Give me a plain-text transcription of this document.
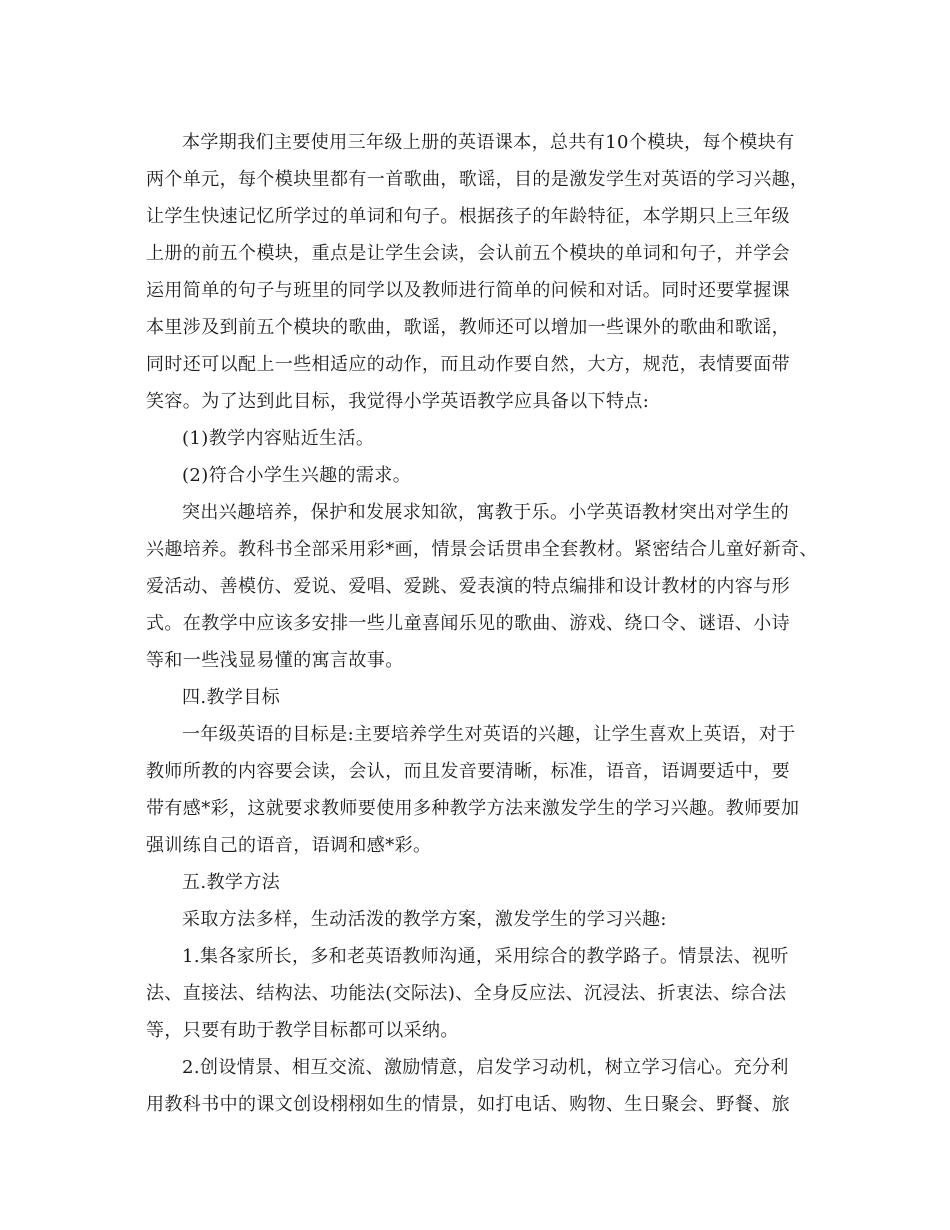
本学期我们主要使用三年级上册的英语课本，总共有10个模块，每个模块有
两个单元，每个模块里都有一首歌曲，歌谣，目的是激发学生对英语的学习兴趣，
让学生快速记忆所学过的单词和句子。根据孩子的年龄特征，本学期只上三年级
上册的前五个模块，重点是让学生会读，会认前五个模块的单词和句子，并学会
运用简单的句子与班里的同学以及教师进行简单的问候和对话。同时还要掌握课
本里涉及到前五个模块的歌曲，歌谣，教师还可以增加一些课外的歌曲和歌谣，
同时还可以配上一些相适应的动作，而且动作要自然，大方，规范，表情要面带
笑容。为了达到此目标，我觉得小学英语教学应具备以下特点:
(1)教学内容贴近生活。
(2)符合小学生兴趣的需求。
突出兴趣培养，保护和发展求知欲，寓教于乐。小学英语教材突出对学生的
兴趣培养。教科书全部采用彩*画，情景会话贯串全套教材。紧密结合儿童好新奇、
爱活动、善模仿、爱说、爱唱、爱跳、爱表演的特点编排和设计教材的内容与形
式。在教学中应该多安排一些儿童喜闻乐见的歌曲、游戏、绕口令、谜语、小诗
等和一些浅显易懂的寓言故事。
四.教学目标
一年级英语的目标是:主要培养学生对英语的兴趣，让学生喜欢上英语，对于
教师所教的内容要会读，会认，而且发音要清晰，标准，语音，语调要适中，要
带有感*彩，这就要求教师要使用多种教学方法来激发学生的学习兴趣。教师要加
强训练自己的语音，语调和感*彩。
五.教学方法
采取方法多样，生动活泼的教学方案，激发学生的学习兴趣:
1.集各家所长，多和老英语教师沟通，采用综合的教学路子。情景法、视听
法、直接法、结构法、功能法(交际法)、全身反应法、沉浸法、折衷法、综合法
等，只要有助于教学目标都可以采纳。
2.创设情景、相互交流、激励情意，启发学习动机，树立学习信心。充分利
用教科书中的课文创设栩栩如生的情景，如打电话、购物、生日聚会、野餐、旅
